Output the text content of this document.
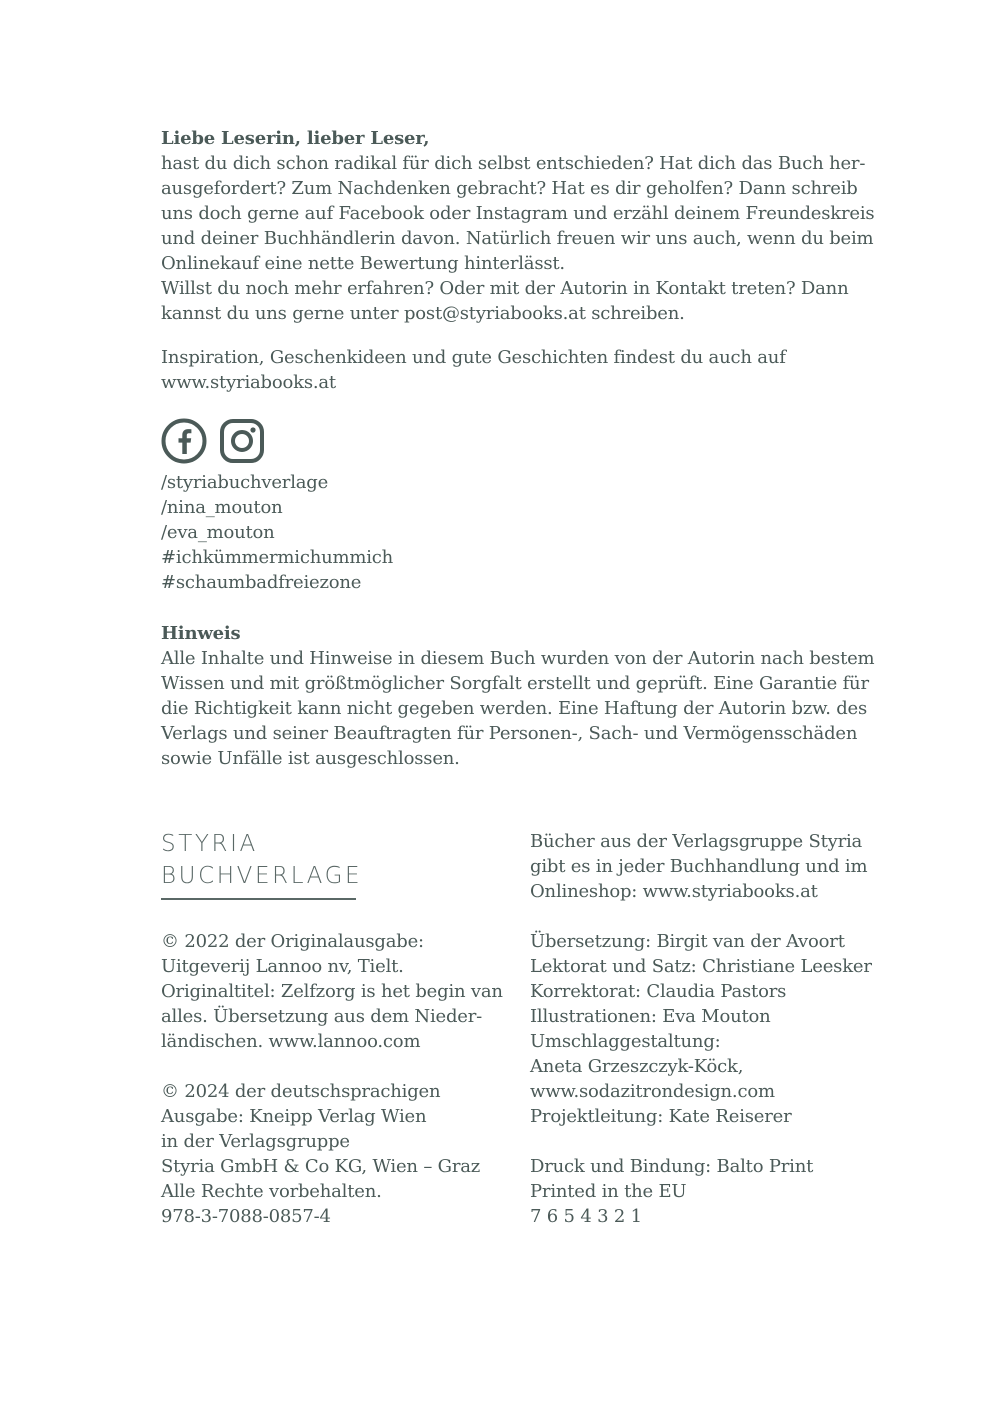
Liebe Leserin, lieber Leser,
hast du dich schon radikal für dich selbst entschieden? Hat dich das Buch her-
ausgefordert? Zum Nachdenken gebracht? Hat es dir geholfen? Dann schreib
uns doch gerne auf Facebook oder Instagram und erzähl deinem Freundeskreis
und deiner Buchhändlerin davon. Natürlich freuen wir uns auch, wenn du beim
Onlinekauf eine nette Bewertung hinterlässt.
Willst du noch mehr erfahren? Oder mit der Autorin in Kontakt treten? Dann
kannst du uns gerne unter post@styriabooks.at schreiben.
Inspiration, Geschenkideen und gute Geschichten findest du auch auf
www.styriabooks.at
/styriabuchverlage
/nina_mouton
/eva_mouton
#ichkümmermichummich
#schaumbadfreiezone
Hinweis
Alle Inhalte und Hinweise in diesem Buch wurden von der Autorin nach bestem
Wissen und mit größtmöglicher Sorgfalt erstellt und geprüft. Eine Garantie für
die Richtigkeit kann nicht gegeben werden. Eine Haftung der Autorin bzw. des
Verlags und seiner Beauftragten für Personen-, Sach- und Vermögensschäden
sowie Unfälle ist ausgeschlossen.
STYRIA
BUCHVERLAGE
© 2022 der Originalausgabe:
Uitgeverij Lannoo nv, Tielt.
Originaltitel: Zelfzorg is het begin van
alles. Übersetzung aus dem Nieder-
ländischen. www.lannoo.com
© 2024 der deutschsprachigen
Ausgabe: Kneipp Verlag Wien
in der Verlagsgruppe
Styria GmbH & Co KG, Wien – Graz
Alle Rechte vorbehalten.
978-3-7088-0857-4
Bücher aus der Verlagsgruppe Styria
gibt es in jeder Buchhandlung und im
Onlineshop: www.styriabooks.at
Übersetzung: Birgit van der Avoort
Lektorat und Satz: Christiane Leesker
Korrektorat: Claudia Pastors
Illustrationen: Eva Mouton
Umschlaggestaltung:
Aneta Grzeszczyk-Köck,
www.sodazitrondesign.com
Projektleitung: Kate Reiserer
Druck und Bindung: Balto Print
Printed in the EU
7 6 5 4 3 2 1
